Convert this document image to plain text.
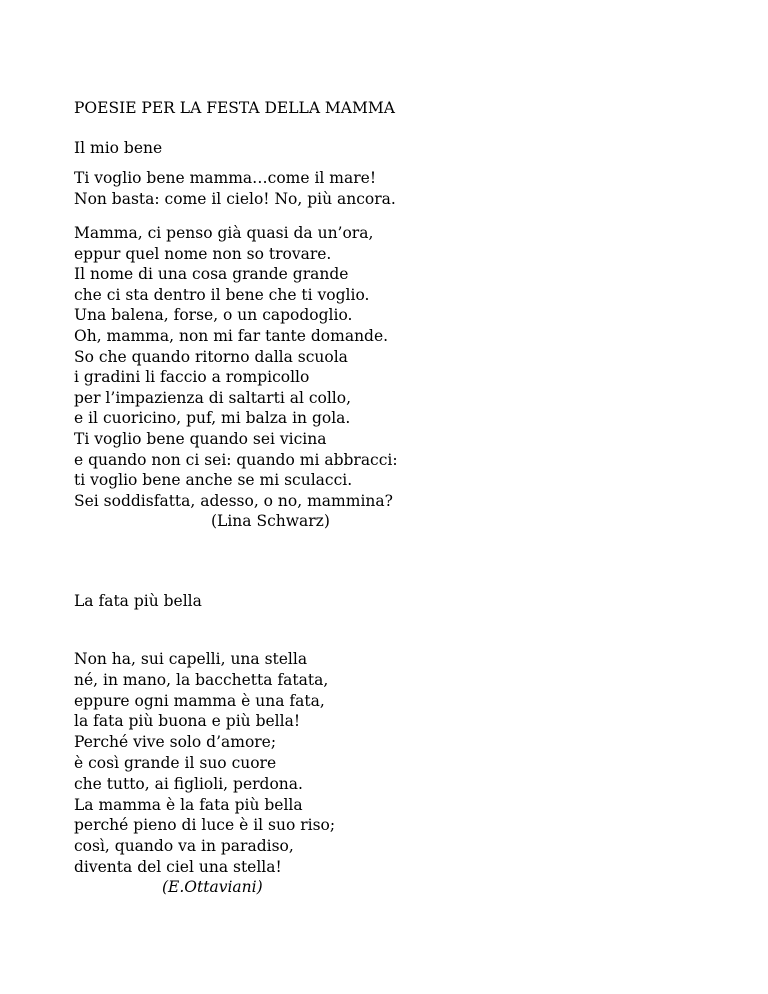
POESIE PER LA FESTA DELLA MAMMA
Il mio bene
Ti voglio bene mamma…come il mare!
Non basta: come il cielo! No, più ancora.
Mamma, ci penso già quasi da un’ora,
eppur quel nome non so trovare.
Il nome di una cosa grande grande
che ci sta dentro il bene che ti voglio.
Una balena, forse, o un capodoglio.
Oh, mamma, non mi far tante domande.
So che quando ritorno dalla scuola
i gradini li faccio a rompicollo
per l’impazienza di saltarti al collo,
e il cuoricino, puf, mi balza in gola.
Ti voglio bene quando sei vicina
e quando non ci sei: quando mi abbracci:
ti voglio bene anche se mi sculacci.
Sei soddisfatta, adesso, o no, mammina?
(Lina Schwarz)
La fata più bella
Non ha, sui capelli, una stella
né, in mano, la bacchetta fatata,
eppure ogni mamma è una fata,
la fata più buona e più bella!
Perché vive solo d’amore;
è così grande il suo cuore
che tutto, ai figlioli, perdona.
La mamma è la fata più bella
perché pieno di luce è il suo riso;
così, quando va in paradiso,
diventa del ciel una stella!
(E.Ottaviani)
